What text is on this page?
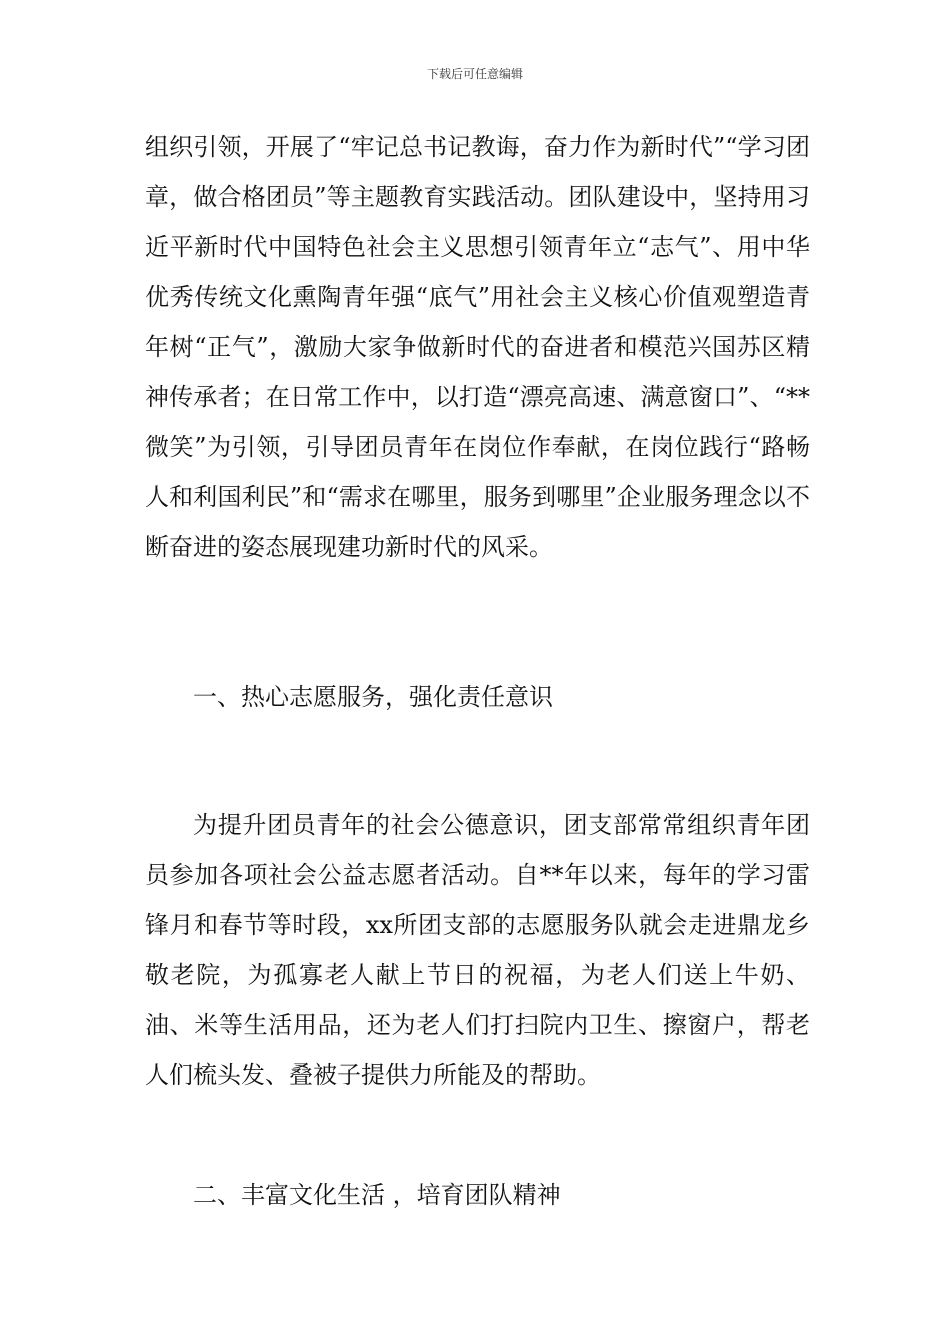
下载后可任意编辑

组织引领，开展了“牢记总书记教诲，奋力作为新时代”“学习团章，做合格团员”等主题教育实践活动。团队建设中，坚持用习近平新时代中国特色社会主义思想引领青年立“志气”、用中华优秀传统文化熏陶青年强“底气”用社会主义核心价值观塑造青年树“正气”，激励大家争做新时代的奋进者和模范兴国苏区精神传承者；在日常工作中，以打造“漂亮高速、满意窗口”、“**微笑”为引领，引导团员青年在岗位作奉献，在岗位践行“路畅人和利国利民”和“需求在哪里，服务到哪里”企业服务理念以不断奋进的姿态展现建功新时代的风采。

一、热心志愿服务，强化责任意识

为提升团员青年的社会公德意识，团支部常常组织青年团员参加各项社会公益志愿者活动。自**年以来，每年的学习雷锋月和春节等时段，xx所团支部的志愿服务队就会走进鼎龙乡敬老院，为孤寡老人献上节日的祝福，为老人们送上牛奶、油、米等生活用品，还为老人们打扫院内卫生、擦窗户，帮老人们梳头发、叠被子提供力所能及的帮助。

二、丰富文化生活 ，培育团队精神
